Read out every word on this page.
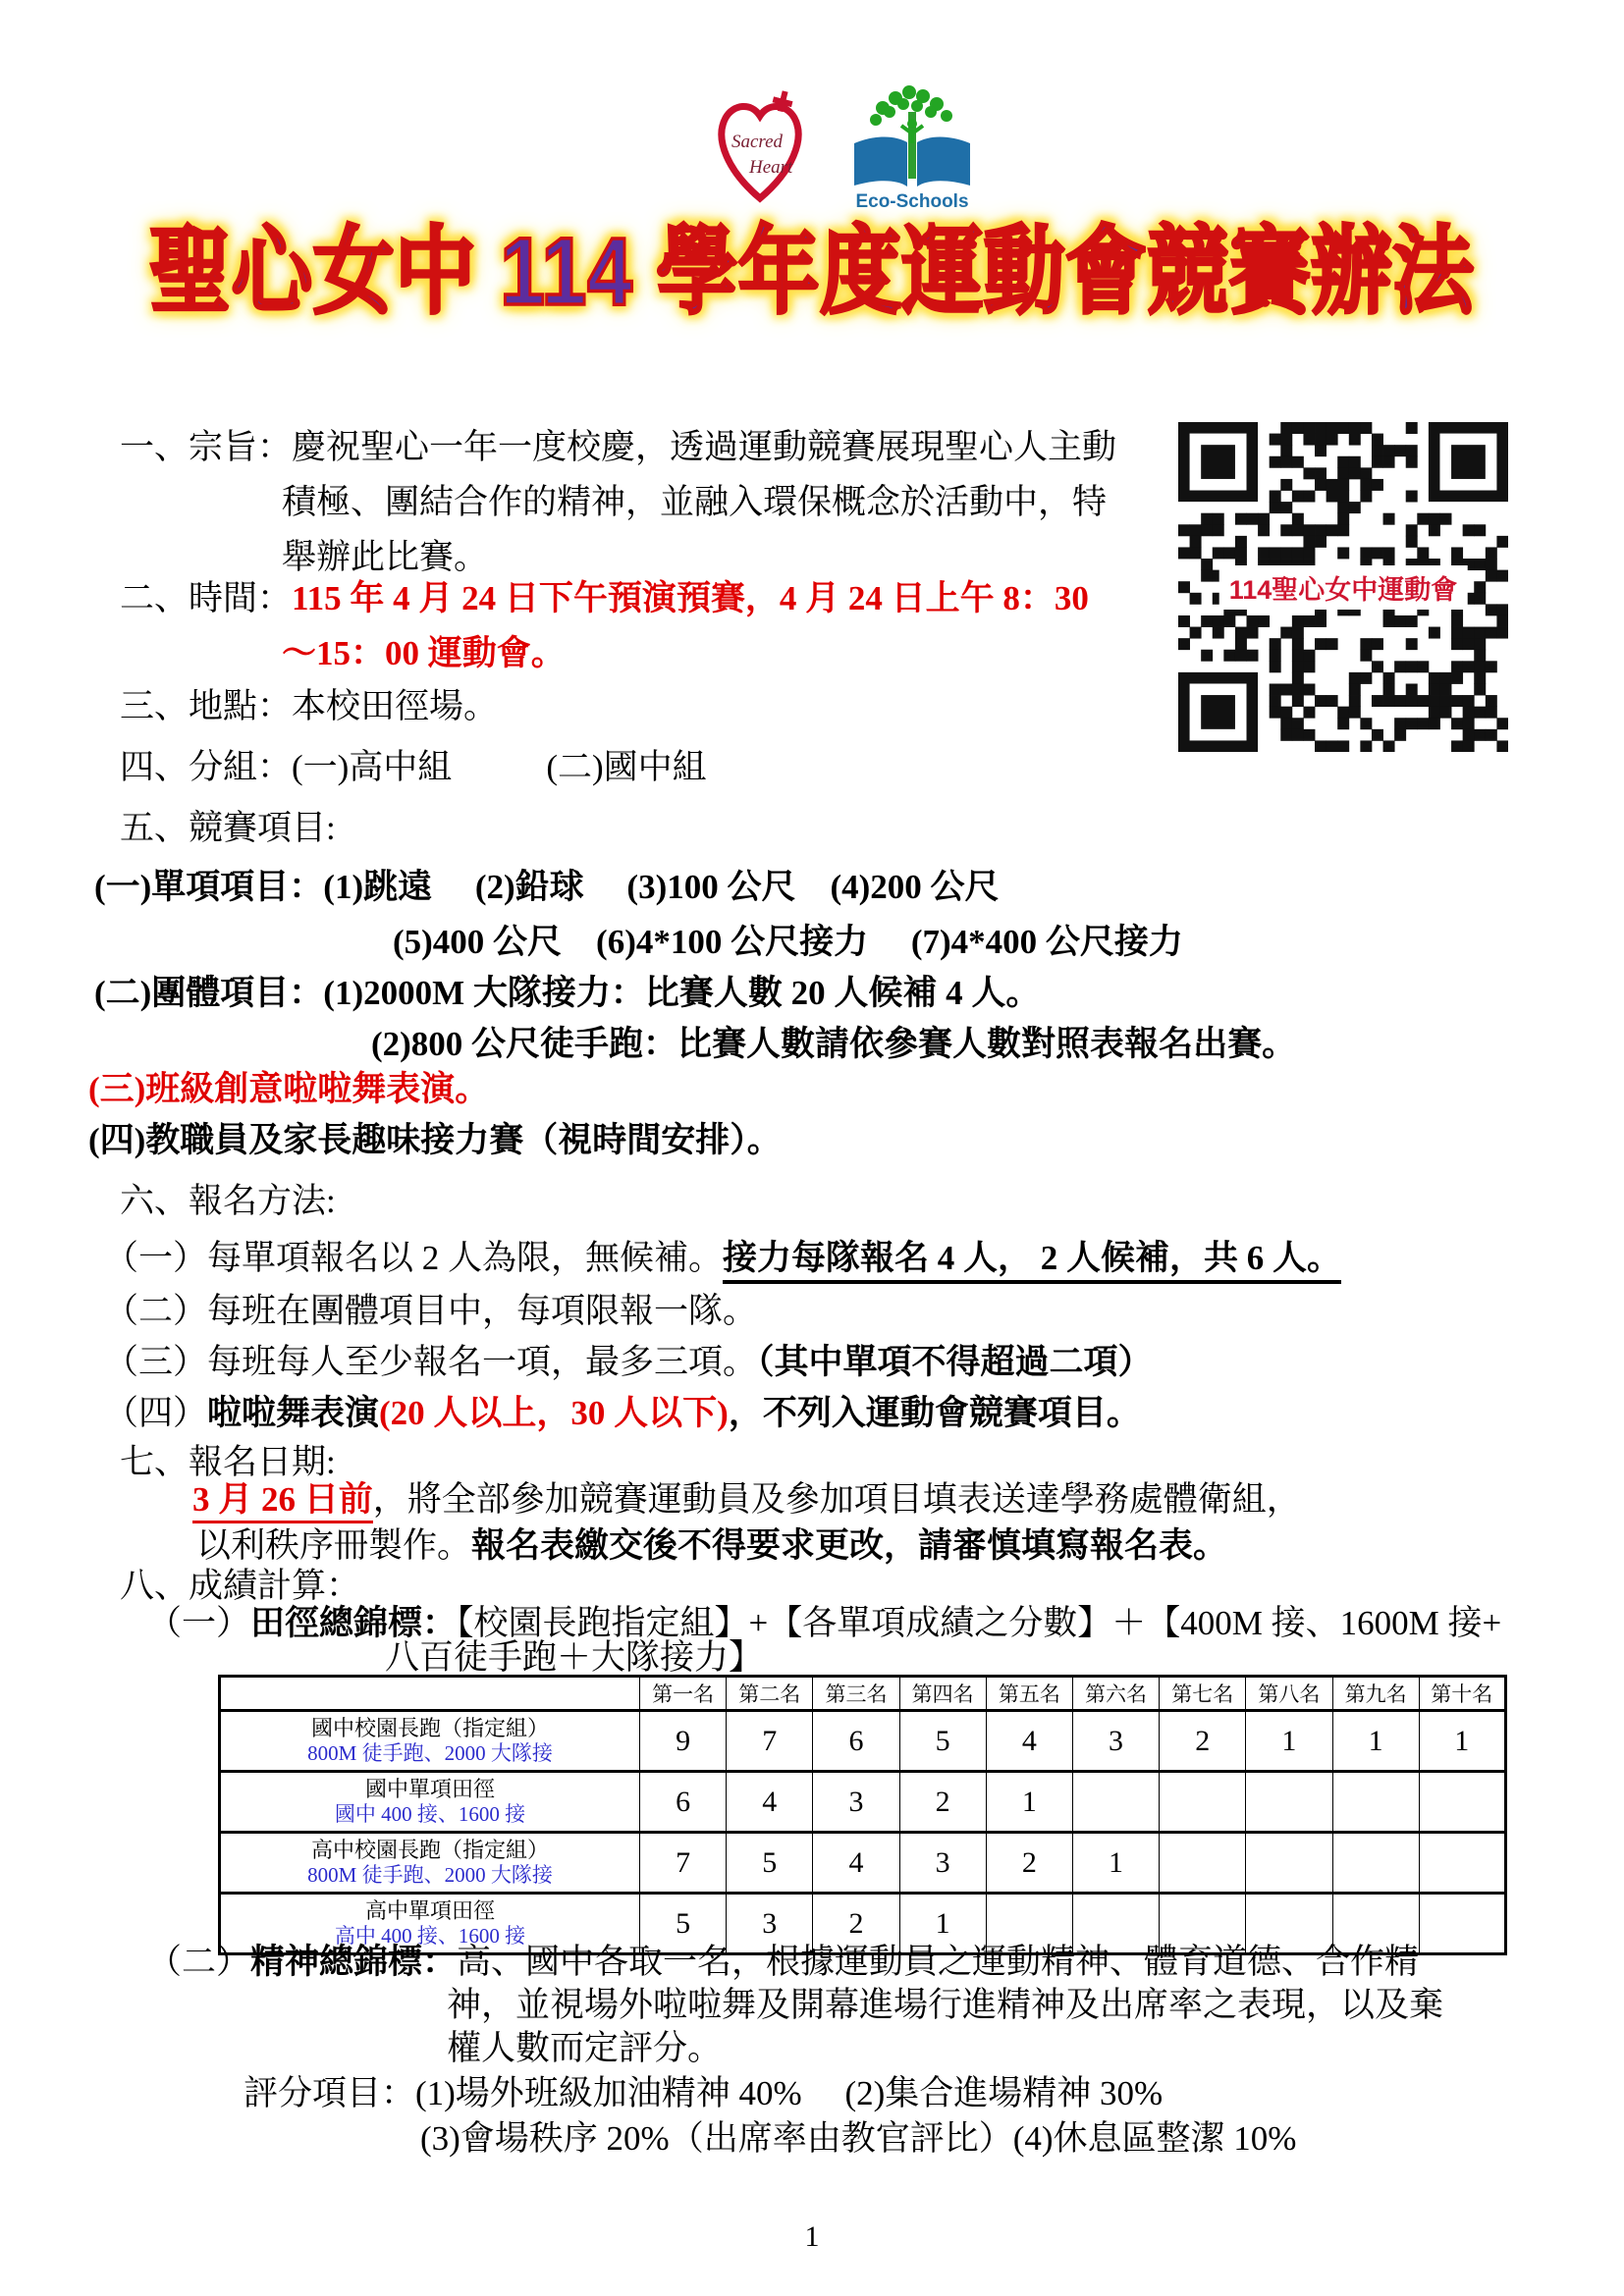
Sacred
Heart
Eco-Schools
聖心女中 114 學年度運動會競賽辦法
114聖心女中運動會
一、宗旨：慶祝聖心一年一度校慶，透過運動競賽展現聖心人主動
積極、團結合作的精神，並融入環保概念於活動中，特
舉辦此比賽。
二、時間：115 年 4 月 24 日下午預演預賽，4 月 24 日上午 8：30
～15：00 運動會。
三、地點：本校田徑場。
四、分組：(一)高中組	(二)國中組
五、競賽項目:
(一)單項項目：(1)跳遠　 (2)鉛球　 (3)100 公尺　(4)200 公尺
(5)400 公尺　(6)4*100 公尺接力　 (7)4*400 公尺接力
(二)團體項目：(1)2000M 大隊接力：比賽人數 20 人候補 4 人。
(2)800 公尺徒手跑：比賽人數請依參賽人數對照表報名出賽。
(三)班級創意啦啦舞表演。
(四)教職員及家長趣味接力賽（視時間安排）。
六、報名方法:
（一）每單項報名以 2 人為限，無候補。接力每隊報名 4 人， 2 人候補，共 6 人。
（二）每班在團體項目中，每項限報一隊。
（三）每班每人至少報名一項，最多三項。（其中單項不得超過二項）
（四）啦啦舞表演(20 人以上，30 人以下)，不列入運動會競賽項目。
七、報名日期:
3 月 26 日前，將全部參加競賽運動員及參加項目填表送達學務處體衛組，
以利秩序冊製作。報名表繳交後不得要求更改，請審慎填寫報名表。
八、成績計算：
（一）田徑總錦標：【校園長跑指定組】+【各單項成績之分數】＋【400M 接、1600M 接+
八百徒手跑＋大隊接力】
	第一名	第二名	第三名	第四名	第五名	第六名	第七名	第八名	第九名	第十名

國中校園長跑（指定組）
800M 徒手跑、2000 大隊接	9	7	6	5	4	3	2	1	1	1

國中單項田徑
國中 400 接、1600 接	6	4	3	2	1					

高中校園長跑（指定組）
800M 徒手跑、2000 大隊接	7	5	4	3	2	1				

高中單項田徑
高中 400 接、1600 接	5	3	2	1						
（二）精神總錦標：高、國中各取一名，根據運動員之運動精神、體育道德、合作精
神，並視場外啦啦舞及開幕進場行進精神及出席率之表現，以及棄
權人數而定評分。
評分項目：(1)場外班級加油精神 40%　 (2)集合進場精神 30%
(3)會場秩序 20%（出席率由教官評比）(4)休息區整潔 10%
1
